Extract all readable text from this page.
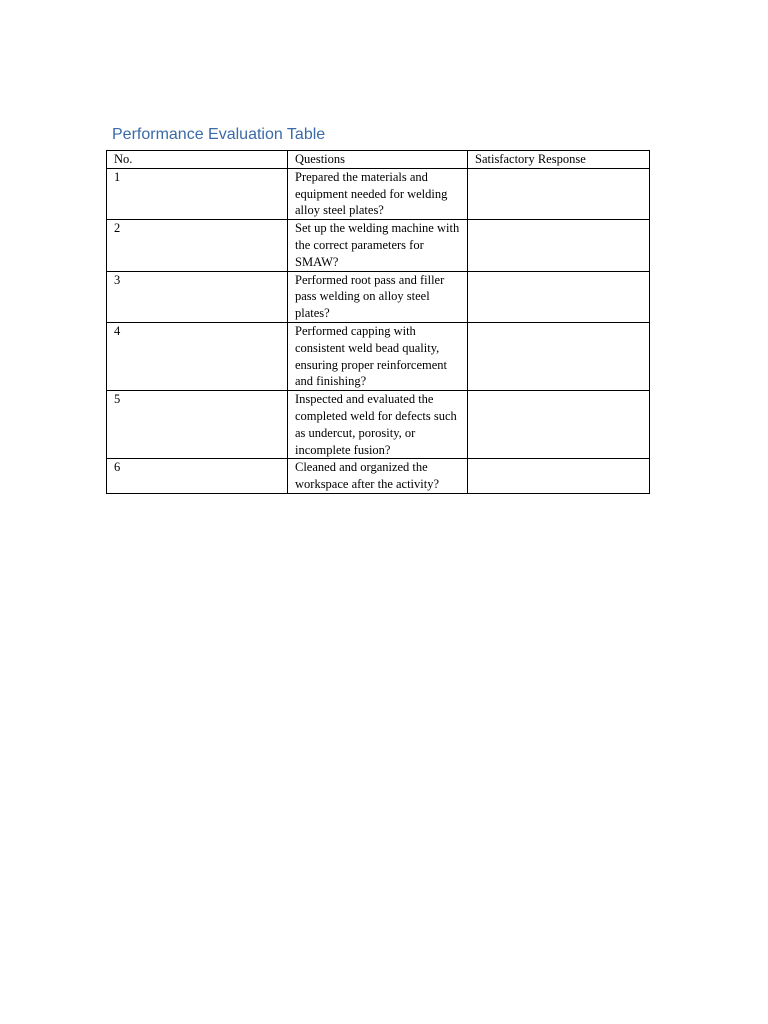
Performance Evaluation Table
No.	Questions	Satisfactory Response
1	Prepared the materials and equipment needed for welding alloy steel plates?	
2	Set up the welding machine with the correct parameters for SMAW?	
3	Performed root pass and filler pass welding on alloy steel plates?	
4	Performed capping with consistent weld bead quality, ensuring proper reinforcement and finishing?	
5	Inspected and evaluated the completed weld for defects such as undercut, porosity, or incomplete fusion?	
6	Cleaned and organized the workspace after the activity?	
